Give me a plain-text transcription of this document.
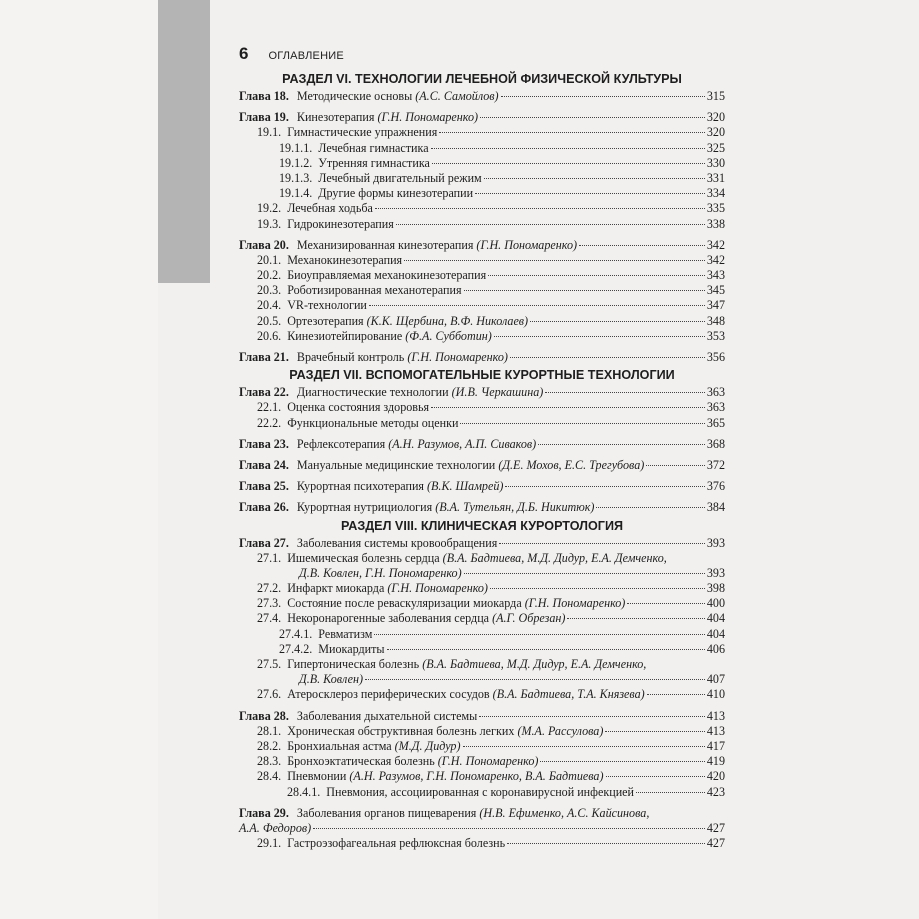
6 ОГЛАВЛЕНИЕ
РАЗДЕЛ VI. ТЕХНОЛОГИИ ЛЕЧЕБНОЙ ФИЗИЧЕСКОЙ КУЛЬТУРЫ
Глава 18. Методические основы (А.С. Самойлов)	315
Глава 19. Кинезотерапия (Г.Н. Пономаренко)	320
19.1. Гимнастические упражнения	320
19.1.1. Лечебная гимнастика	325
19.1.2. Утренняя гимнастика	330
19.1.3. Лечебный двигательный режим	331
19.1.4. Другие формы кинезотерапии	334
19.2. Лечебная ходьба	335
19.3. Гидрокинезотерапия	338
Глава 20. Механизированная кинезотерапия (Г.Н. Пономаренко)	342
20.1. Механокинезотерапия	342
20.2. Биоуправляемая механокинезотерапия	343
20.3. Роботизированная механотерапия	345
20.4. VR-технологии	347
20.5. Ортезотерапия (К.К. Щербина, В.Ф. Николаев)	348
20.6. Кинезиотейпирование (Ф.А. Субботин)	353
Глава 21. Врачебный контроль (Г.Н. Пономаренко)	356
РАЗДЕЛ VII. ВСПОМОГАТЕЛЬНЫЕ КУРОРТНЫЕ ТЕХНОЛОГИИ
Глава 22. Диагностические технологии (И.В. Черкашина)	363
22.1. Оценка состояния здоровья	363
22.2. Функциональные методы оценки	365
Глава 23. Рефлексотерапия (А.Н. Разумов, А.П. Сиваков)	368
Глава 24. Мануальные медицинские технологии (Д.Е. Мохов, Е.С. Трегубова)	372
Глава 25. Курортная психотерапия (В.К. Шамрей)	376
Глава 26. Курортная нутрициология (В.А. Тутельян, Д.Б. Никитюк)	384
РАЗДЕЛ VIII. КЛИНИЧЕСКАЯ КУРОРТОЛОГИЯ
Глава 27. Заболевания системы кровообращения	393
27.1. Ишемическая болезнь сердца (В.А. Бадтиева, М.Д. Дидур, Е.А. Демченко,
Д.В. Ковлен, Г.Н. Пономаренко)	393
27.2. Инфаркт миокарда (Г.Н. Пономаренко)	398
27.3. Состояние после реваскуляризации миокарда (Г.Н. Пономаренко)	400
27.4. Некоронарогенные заболевания сердца (А.Г. Обрезан)	404
27.4.1. Ревматизм	404
27.4.2. Миокардиты	406
27.5. Гипертоническая болезнь (В.А. Бадтиева, М.Д. Дидур, Е.А. Демченко,
Д.В. Ковлен)	407
27.6. Атеросклероз периферических сосудов (В.А. Бадтиева, Т.А. Князева)	410
Глава 28. Заболевания дыхательной системы	413
28.1. Хроническая обструктивная болезнь легких (М.А. Рассулова)	413
28.2. Бронхиальная астма (М.Д. Дидур)	417
28.3. Бронхоэктатическая болезнь (Г.Н. Пономаренко)	419
28.4. Пневмонии (А.Н. Разумов, Г.Н. Пономаренко, В.А. Бадтиева)	420
28.4.1. Пневмония, ассоциированная с коронавирусной инфекцией	423
Глава 29. Заболевания органов пищеварения (Н.В. Ефименко, А.С. Кайсинова,
А.А. Федоров)	427
29.1. Гастроэзофагеальная рефлюксная болезнь	427
